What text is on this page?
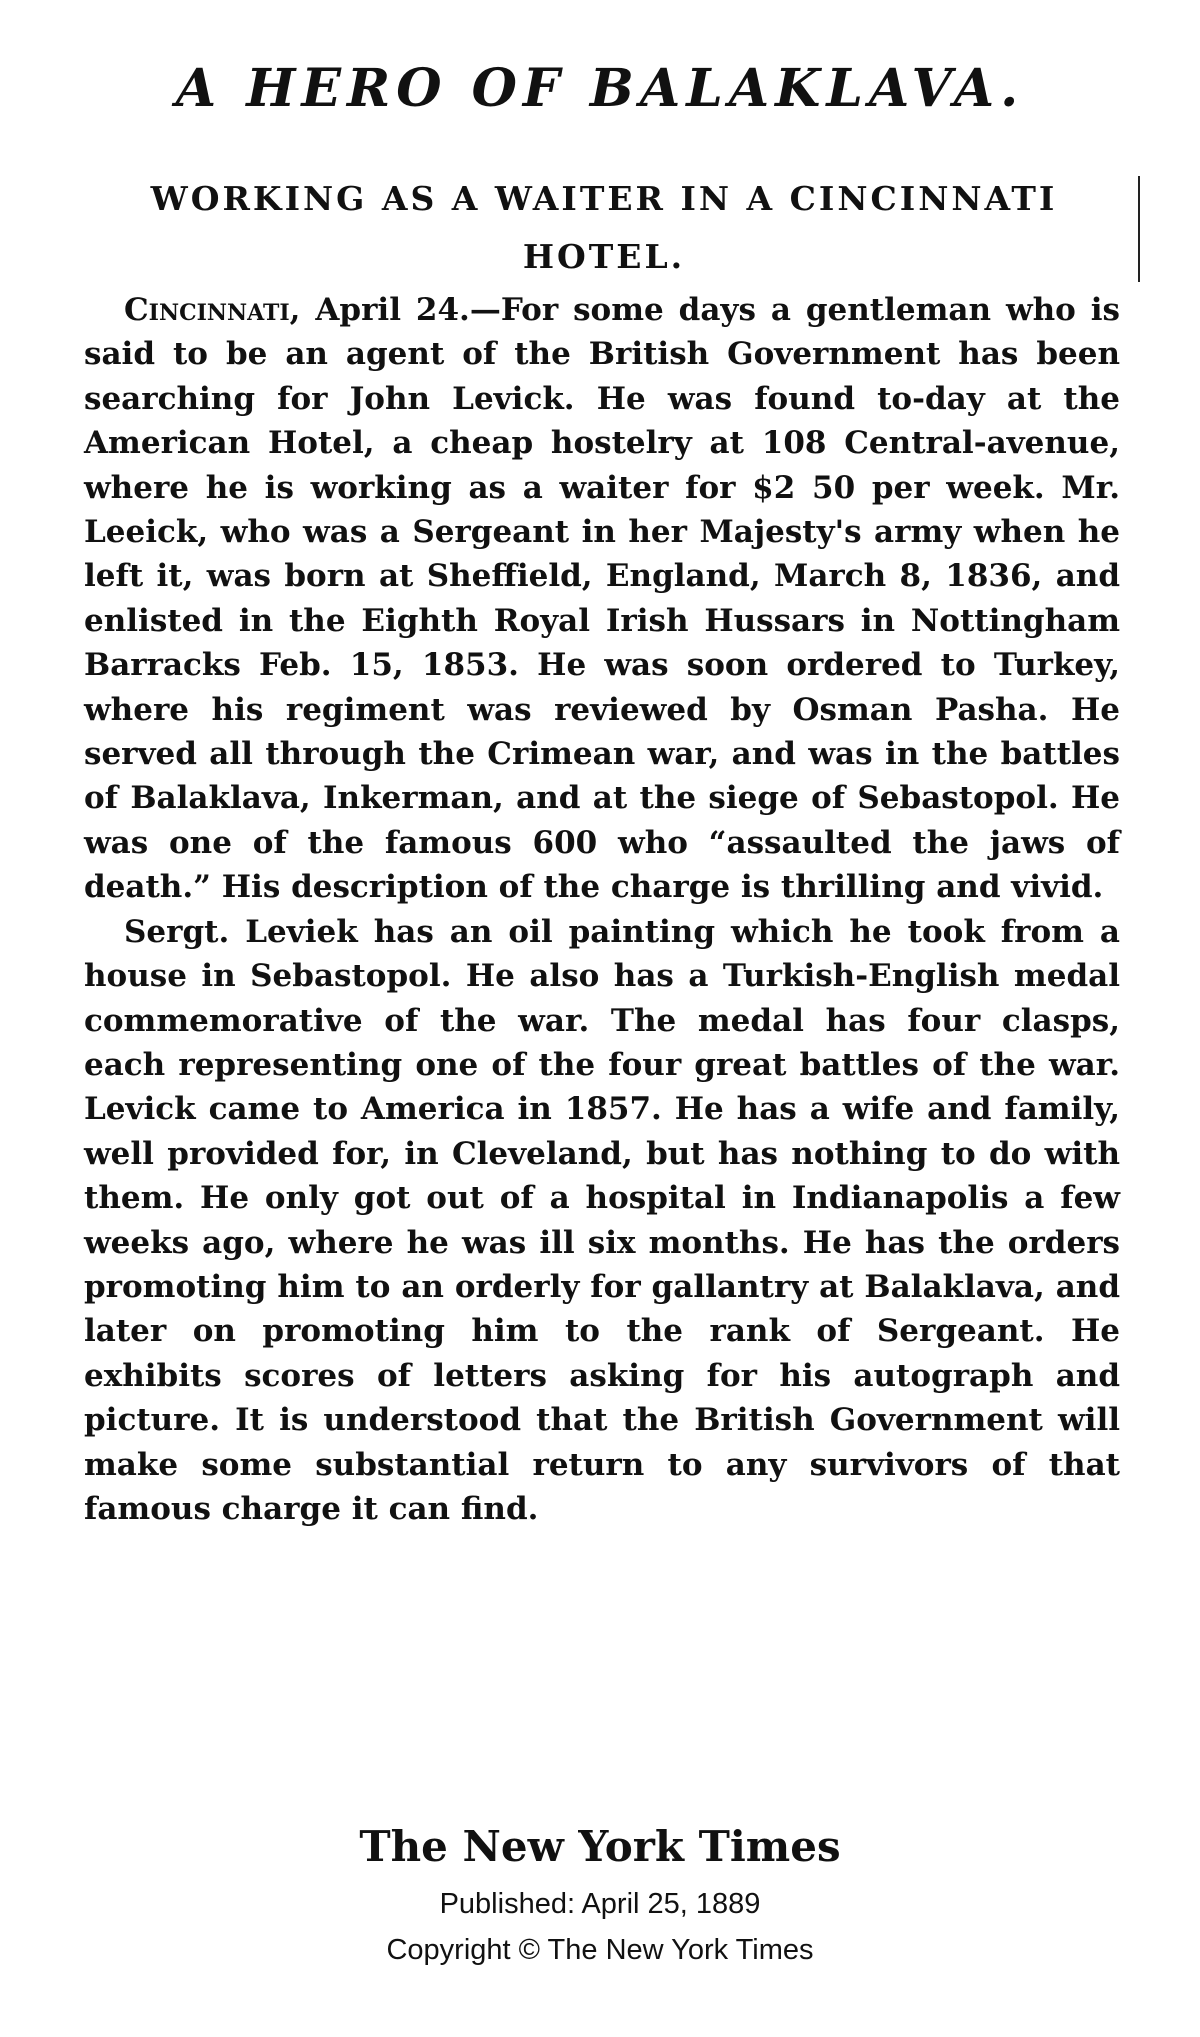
A HERO OF BALAKLAVA.
WORKING AS A WAITER IN A CINCINNATI HOTEL.

Cincinnati, April 24.—For some days a gentleman who is said to be an agent of the British Government has been searching for John Levick. He was found to-day at the American Hotel, a cheap hostelry at 108 Central-avenue, where he is working as a waiter for $2 50 per week. Mr. Leeick, who was a Sergeant in her Majesty's army when he left it, was born at Sheffield, England, March 8, 1836, and enlisted in the Eighth Royal Irish Hussars in Nottingham Barracks Feb. 15, 1853. He was soon ordered to Turkey, where his regiment was reviewed by Osman Pasha. He served all through the Crimean war, and was in the battles of Balaklava, Inkerman, and at the siege of Sebastopol. He was one of the famous 600 who “assaulted the jaws of death.” His description of the charge is thrilling and vivid.

Sergt. Leviek has an oil painting which he took from a house in Sebastopol. He also has a Turkish-English medal commemorative of the war. The medal has four clasps, each representing one of the four great battles of the war. Levick came to America in 1857. He has a wife and family, well provided for, in Cleveland, but has nothing to do with them. He only got out of a hospital in Indianapolis a few weeks ago, where he was ill six months. He has the orders promoting him to an orderly for gallantry at Balaklava, and later on promoting him to the rank of Sergeant. He exhibits scores of letters asking for his autograph and picture. It is understood that the British Government will make some substantial return to any survivors of that famous charge it can find.

The New York Times
Published: April 25, 1889
Copyright © The New York Times
